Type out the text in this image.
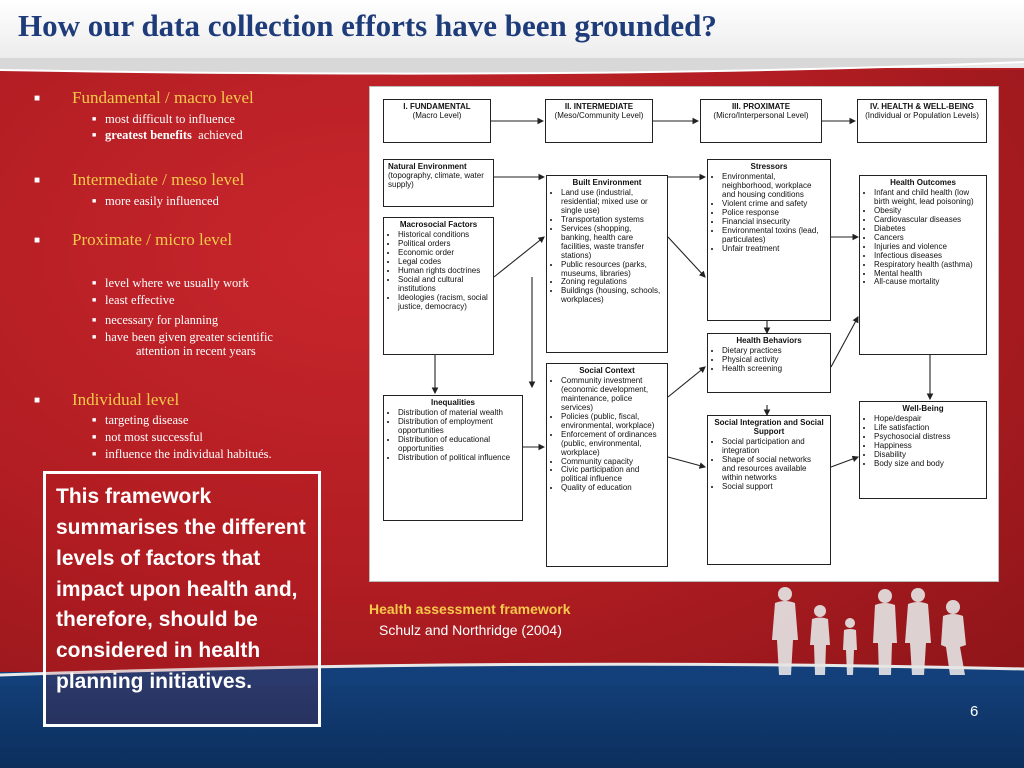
How our data collection efforts have been grounded?
■ Fundamental / macro level
■ most difficult to influence
■ greatest benefits achieved
■ Intermediate / meso level
■ more easily influenced
■ Proximate / micro level
■ level where we usually work
■ least effective
■ necessary for planning
■ have been given greater scientific
attention in recent years
■ Individual level
■ targeting disease
■ not most successful
■ influence the individual habitués.
This framework summarises the different levels of factors that impact upon health and, therefore, should be considered in health planning initiatives.
I. FUNDAMENTAL
(Macro Level)
II. INTERMEDIATE
(Meso/Community Level)
III. PROXIMATE
(Micro/Interpersonal Level)
IV. HEALTH & WELL-BEING
(Individual or Population Levels)
Natural Environment
(topography, climate, water supply)
Macrosocial Factors
• Historical conditions
• Political orders
• Economic order
• Legal codes
• Human rights doctrines
• Social and cultural institutions
• Ideologies (racism, social justice, democracy)
Inequalities
• Distribution of material wealth
• Distribution of employment opportunities
• Distribution of educational opportunities
• Distribution of political influence
Built Environment
• Land use (industrial, residential; mixed use or single use)
• Transportation systems
• Services (shopping, banking, health care facilities, waste transfer stations)
• Public resources (parks, museums, libraries)
• Zoning regulations
• Buildings (housing, schools, workplaces)
Social Context
• Community investment (economic development, maintenance, police services)
• Policies (public, fiscal, environmental, workplace)
• Enforcement of ordinances (public, environmental, workplace)
• Community capacity
• Civic participation and political influence
• Quality of education
Stressors
• Environmental, neighborhood, workplace and housing conditions
• Violent crime and safety
• Police response
• Financial insecurity
• Environmental toxins (lead, particulates)
• Unfair treatment
Health Behaviors
• Dietary practices
• Physical activity
• Health screening
Social Integration and Social Support
• Social participation and integration
• Shape of social networks and resources available within networks
• Social support
Health Outcomes
• Infant and child health (low birth weight, lead poisoning)
• Obesity
• Cardiovascular diseases
• Diabetes
• Cancers
• Injuries and violence
• Infectious diseases
• Respiratory health (asthma)
• Mental health
• All-cause mortality
Well-Being
• Hope/despair
• Life satisfaction
• Psychosocial distress
• Happiness
• Disability
• Body size and body
Health assessment framework
Schulz and Northridge (2004)
6
